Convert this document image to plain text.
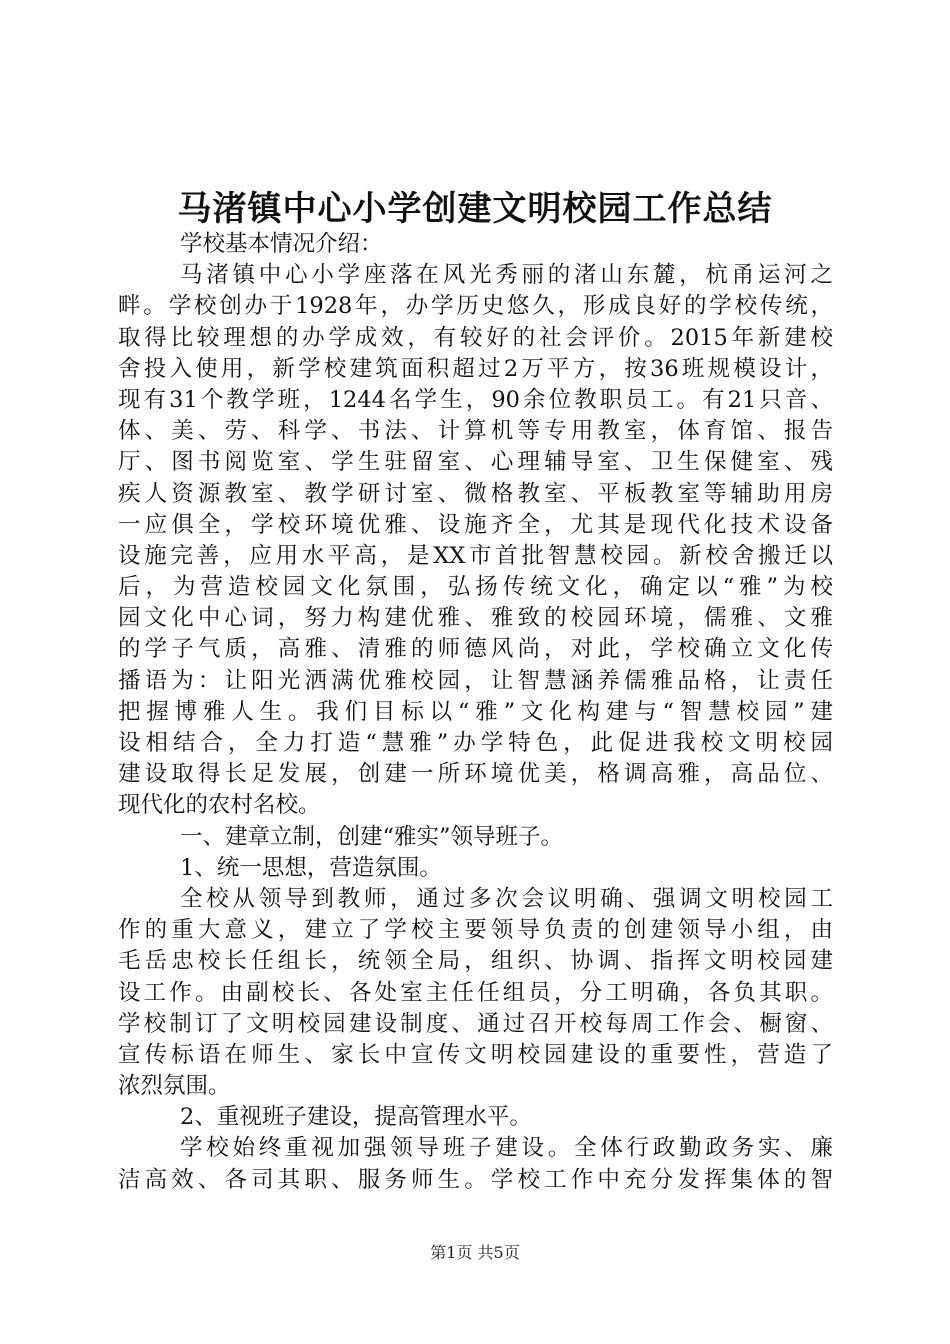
马渚镇中心小学创建文明校园工作总结
学校基本情况介绍：
马渚镇中心小学座落在风光秀丽的渚山东麓，杭甬运河之
畔。学校创办于1928年，办学历史悠久，形成良好的学校传统，
取得比较理想的办学成效，有较好的社会评价。2015年新建校
舍投入使用，新学校建筑面积超过2万平方，按36班规模设计，
现有31个教学班，1244名学生，90余位教职员工。有21只音、
体、美、劳、科学、书法、计算机等专用教室，体育馆、报告
厅、图书阅览室、学生驻留室、心理辅导室、卫生保健室、残
疾人资源教室、教学研讨室、微格教室、平板教室等辅助用房
一应俱全，学校环境优雅、设施齐全，尤其是现代化技术设备
设施完善，应用水平高，是XX市首批智慧校园。新校舍搬迁以
后，为营造校园文化氛围，弘扬传统文化，确定以“雅”为校
园文化中心词，努力构建优雅、雅致的校园环境，儒雅、文雅
的学子气质，高雅、清雅的师德风尚，对此，学校确立文化传
播语为：让阳光洒满优雅校园，让智慧涵养儒雅品格，让责任
把握博雅人生。我们目标以“雅”文化构建与“智慧校园”建
设相结合，全力打造“慧雅”办学特色，此促进我校文明校园
建设取得长足发展，创建一所环境优美，格调高雅，高品位、
现代化的农村名校。
一、建章立制，创建“雅实”领导班子。
1、统一思想，营造氛围。
全校从领导到教师，通过多次会议明确、强调文明校园工
作的重大意义，建立了学校主要领导负责的创建领导小组，由
毛岳忠校长任组长，统领全局，组织、协调、指挥文明校园建
设工作。由副校长、各处室主任任组员，分工明确，各负其职。
学校制订了文明校园建设制度、通过召开校每周工作会、橱窗、
宣传标语在师生、家长中宣传文明校园建设的重要性，营造了
浓烈氛围。
2、重视班子建设，提高管理水平。
学校始终重视加强领导班子建设。全体行政勤政务实、廉
洁高效、各司其职、服务师生。学校工作中充分发挥集体的智
第1页 共5页
